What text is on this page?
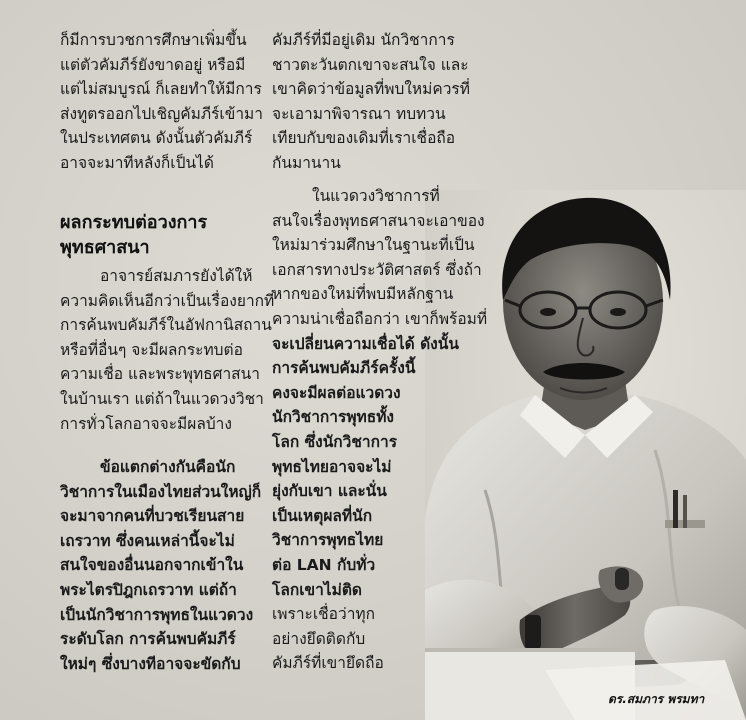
ก็มีการบวชการศึกษาเพิ่มขึ้น
แต่ตัวคัมภีร์ยังขาดอยู่ หรือมี
แต่ไม่สมบูรณ์ ก็เลยทำให้มีการ
ส่งทูตรออกไปเชิญคัมภีร์เข้ามา
ในประเทศตน ดังนั้นตัวคัมภีร์
อาจจะมาทีหลังก็เป็นได้
ผลกระทบต่อวงการ
พุทธศาสนา
อาจารย์สมภารยังได้ให้
ความคิดเห็นอีกว่าเป็นเรื่องยากที่
การค้นพบคัมภีร์ในอัฟกานิสถาน
หรือที่อื่นๆ จะมีผลกระทบต่อ
ความเชื่อ และพระพุทธศาสนา
ในบ้านเรา แต่ถ้าในแวดวงวิชา
การทั่วโลกอาจจะมีผลบ้าง
ข้อแตกต่างกันคือนัก
วิชาการในเมืองไทยส่วนใหญ่ก็
จะมาจากคนที่บวชเรียนสาย
เถรวาท ซึ่งคนเหล่านี้จะไม่
สนใจของอื่นนอกจากเข้าใน
พระไตรปิฎกเถรวาท แต่ถ้า
เป็นนักวิชาการพุทธในแวดวง
ระดับโลก การค้นพบคัมภีร์
ใหม่ๆ ซึ่งบางทีอาจจะขัดกับ
คัมภีร์ที่มีอยู่เดิม นักวิชาการ
ชาวตะวันตกเขาจะสนใจ และ
เขาคิดว่าข้อมูลที่พบใหม่ควรที่
จะเอามาพิจารณา ทบทวน
เทียบกับของเดิมที่เราเชื่อถือ
กันมานาน
ในแวดวงวิชาการที่
สนใจเรื่องพุทธศาสนาจะเอาของ
ใหม่มาร่วมศึกษาในฐานะที่เป็น
เอกสารทางประวัติศาสตร์ ซึ่งถ้า
หากของใหม่ที่พบมีหลักฐาน
ความน่าเชื่อถือกว่า เขาก็พร้อมที่
จะเปลี่ยนความเชื่อได้ ดังนั้น
การค้นพบคัมภีร์ครั้งนี้
คงจะมีผลต่อแวดวง
นักวิชาการพุทธทั้ง
โลก ซึ่งนักวิชาการ
พุทธไทยอาจจะไม่
ยุ่งกับเขา และนั่น
เป็นเหตุผลที่นัก
วิชาการพุทธไทย
ต่อ LAN กับทั่ว
โลกเขาไม่ติด
เพราะเชื่อว่าทุก
อย่างยึดติดกับ
คัมภีร์ที่เขายึดถือ
ดร.สมภาร พรมทา
